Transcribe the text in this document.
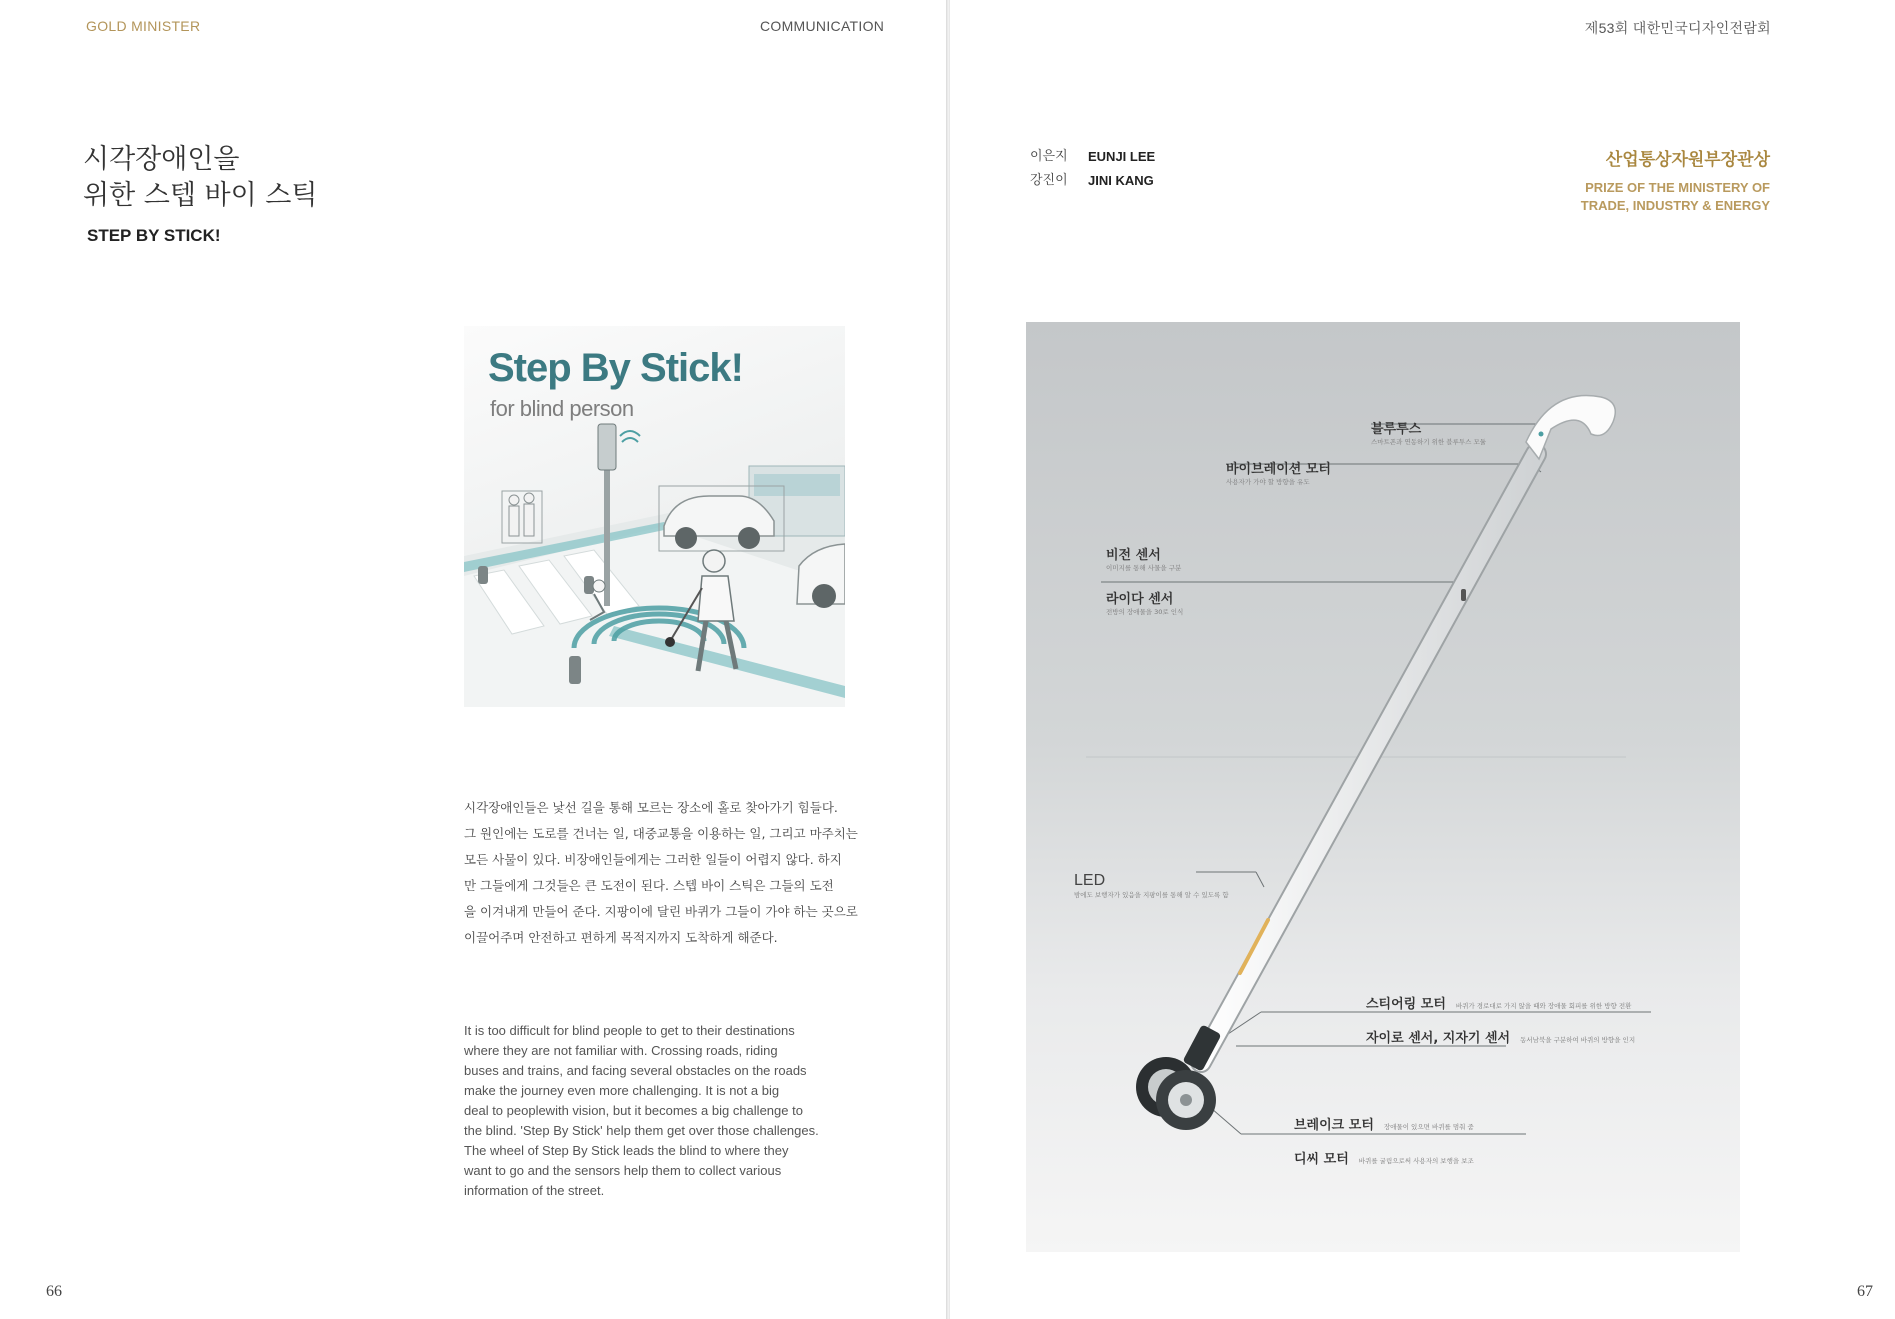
GOLD MINISTER	COMMUNICATION
시각장애인을
위한 스텝 바이 스틱
STEP BY STICK!
Step By Stick!
for blind person
시각장애인들은 낯선 길을 통해 모르는 장소에 홀로 찾아가기 힘들다.
그 원인에는 도로를 건너는 일, 대중교통을 이용하는 일, 그리고 마주치는
모든 사물이 있다. 비장애인들에게는 그러한 일들이 어렵지 않다. 하지
만 그들에게 그것들은 큰 도전이 된다. 스텝 바이 스틱은 그들의 도전
을 이겨내게 만들어 준다. 지팡이에 달린 바퀴가 그들이 가야 하는 곳으로
이끌어주며 안전하고 편하게 목적지까지 도착하게 해준다.
It is too difficult for blind people to get to their destinations
where they are not familiar with. Crossing roads, riding
buses and trains, and facing several obstacles on the roads
make the journey even more challenging. It is not a big
deal to peoplewith vision, but it becomes a big challenge to
the blind. 'Step By Stick' help them get over those challenges.
The wheel of Step By Stick leads the blind to where they
want to go and the sensors help them to collect various
information of the street.
66
제53회 대한민국디자인전람회
이은지	EUNJI LEE
강진이	JINI KANG
산업통상자원부장관상
PRIZE OF THE MINISTERY OF
TRADE, INDUSTRY & ENERGY
블루투스
스마트폰과 연동하기 위한 블루투스 모듈
바이브레이션 모터
사용자가 가야 할 방향을 유도
비전 센서
이미지를 통해 사물을 구분
라이다 센서
전방의 장애물을 30로 인식
LED
밤에도 보행자가 있음을 지팡이를 통해 알 수 있도록 함
스티어링 모터 바퀴가 경로대로 가지 않을 때와 장애물 회피를 위한 방향 전환
자이로 센서, 지자기 센서 동서남북을 구분하여 바퀴의 방향을 인지
브레이크 모터 장애물이 있으면 바퀴를 멈춰 줌
디씨 모터 바퀴를 굴림으로써 사용자의 보행을 보조
67
